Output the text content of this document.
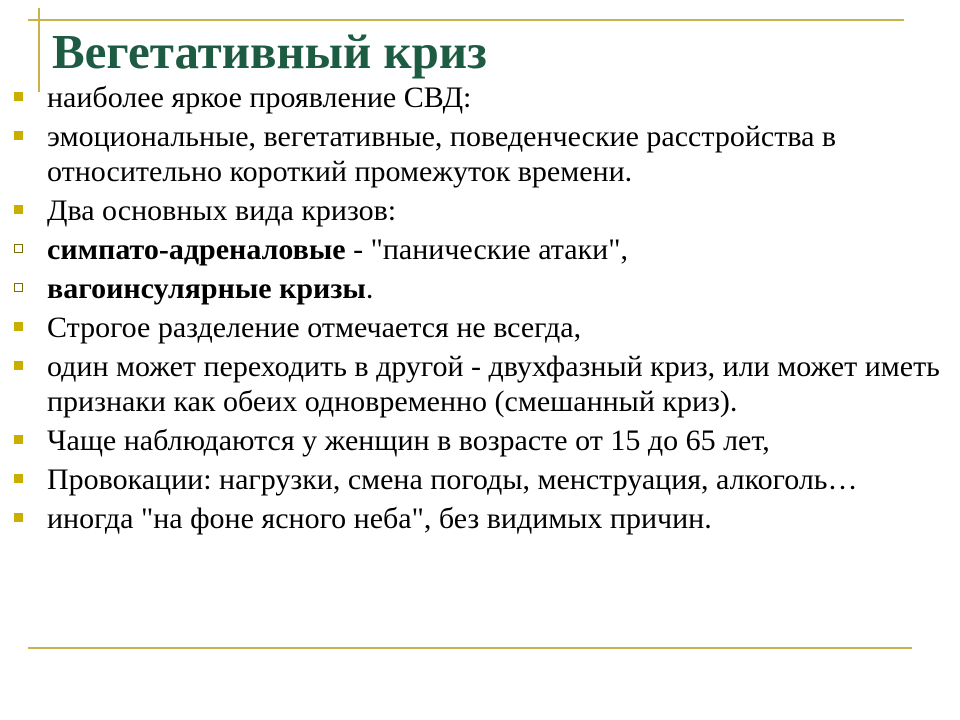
Вегетативный криз
наиболее яркое проявление СВД:
эмоциональные, вегетативные, поведенческие расстройства в относительно короткий промежуток времени.
Два основных вида кризов:
симпато-адреналовые - "панические атаки",
вагоинсулярные кризы.
Строгое разделение отмечается не всегда,
один может переходить в другой - двухфазный криз, или может иметь признаки как обеих одновременно (смешанный криз).
Чаще наблюдаются у женщин в возрасте от 15 до 65 лет,
Провокации: нагрузки, смена погоды, менструация, алкоголь…
иногда "на фоне ясного неба", без видимых причин.
